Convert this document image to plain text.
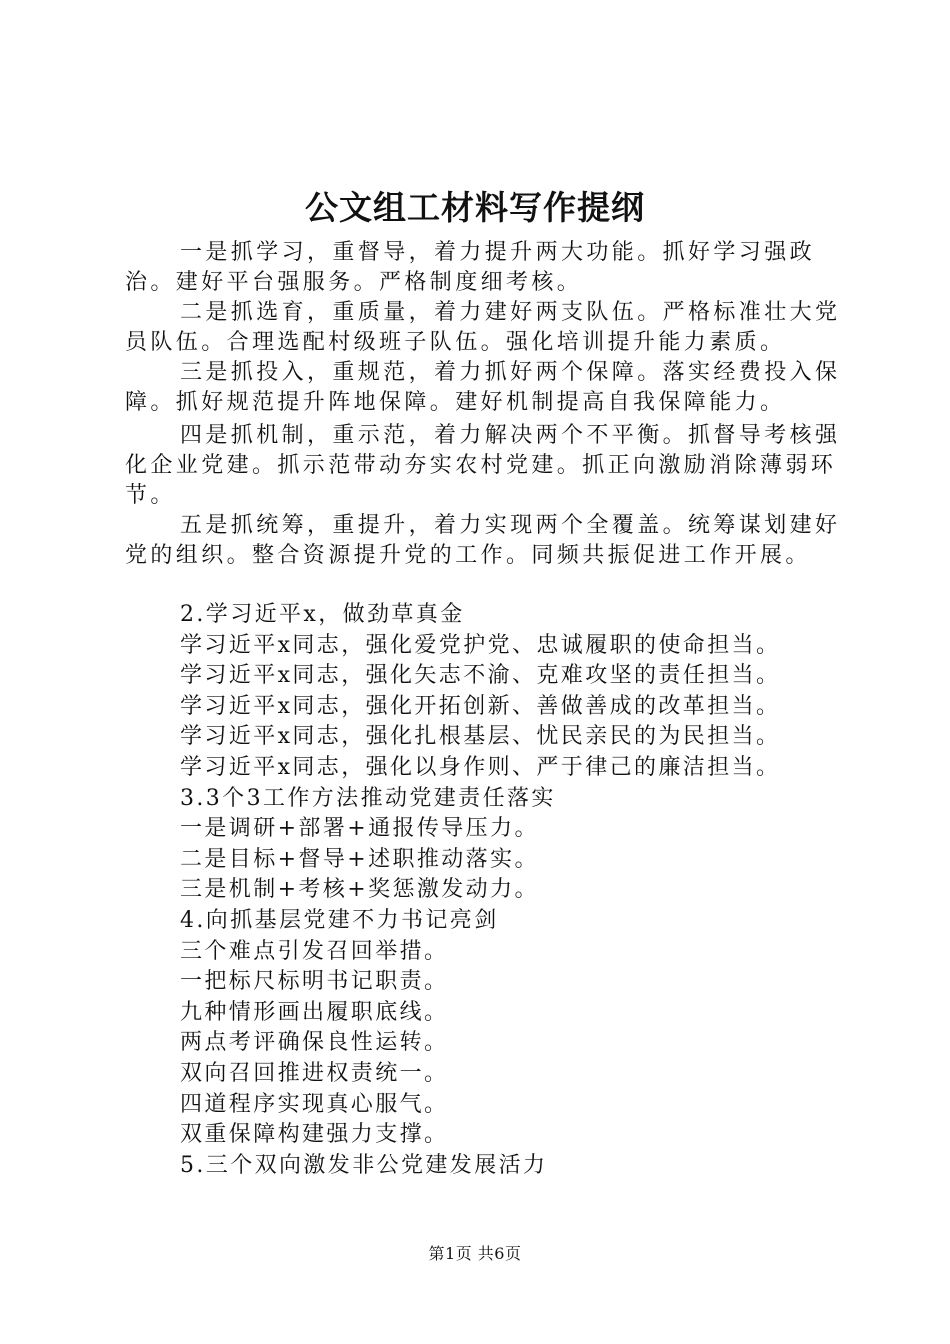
公文组工材料写作提纲

一是抓学习，重督导，着力提升两大功能。抓好学习强政治。建好平台强服务。严格制度细考核。

二是抓选育，重质量，着力建好两支队伍。严格标准壮大党员队伍。合理选配村级班子队伍。强化培训提升能力素质。

三是抓投入，重规范，着力抓好两个保障。落实经费投入保障。抓好规范提升阵地保障。建好机制提高自我保障能力。

四是抓机制，重示范，着力解决两个不平衡。抓督导考核强化企业党建。抓示范带动夯实农村党建。抓正向激励消除薄弱环节。

五是抓统筹，重提升，着力实现两个全覆盖。统筹谋划建好党的组织。整合资源提升党的工作。同频共振促进工作开展。

2.学习近平x，做劲草真金
学习近平x同志，强化爱党护党、忠诚履职的使命担当。
学习近平x同志，强化矢志不渝、克难攻坚的责任担当。
学习近平x同志，强化开拓创新、善做善成的改革担当。
学习近平x同志，强化扎根基层、忧民亲民的为民担当。
学习近平x同志，强化以身作则、严于律己的廉洁担当。
3.3个3工作方法推动党建责任落实
一是调研+部署+通报传导压力。
二是目标+督导+述职推动落实。
三是机制+考核+奖惩激发动力。
4.向抓基层党建不力书记亮剑
三个难点引发召回举措。
一把标尺标明书记职责。
九种情形画出履职底线。
两点考评确保良性运转。
双向召回推进权责统一。
四道程序实现真心服气。
双重保障构建强力支撑。
5.三个双向激发非公党建发展活力
第1页 共6页
